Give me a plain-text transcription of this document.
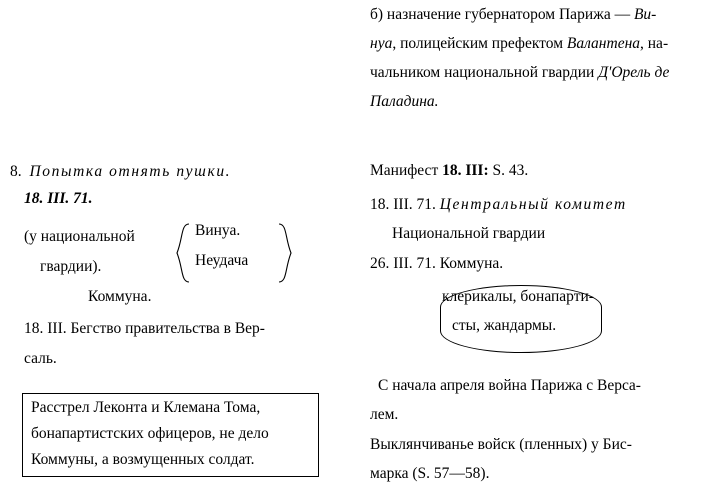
8. Попытка отнять пушки.
18. III. 71.
(у национальной
гвардии).
Винуа.
Неудача
Коммуна.
18. III. Бегство правительства в Вер-
саль.
Расстрел Леконта и Клемана Тома,
бонапартистских офицеров, не дело
Коммуны, а возмущенных солдат.
б) назначение губернатором Парижа — Ви-
нуа, полицейским префектом Валантена, на-
чальником национальной гвардии Д'Орель де
Паладина.
Манифест 18. III: S. 43.
18. III. 71. Центральный комитет
Национальной гвардии
26. III. 71. Коммуна.
клерикалы, бонапарти-
сты, жандармы.
С начала апреля война Парижа с Версa-
лем.
Выклянчиванье войск (пленных) у Бис-
марка (S. 57—58).
